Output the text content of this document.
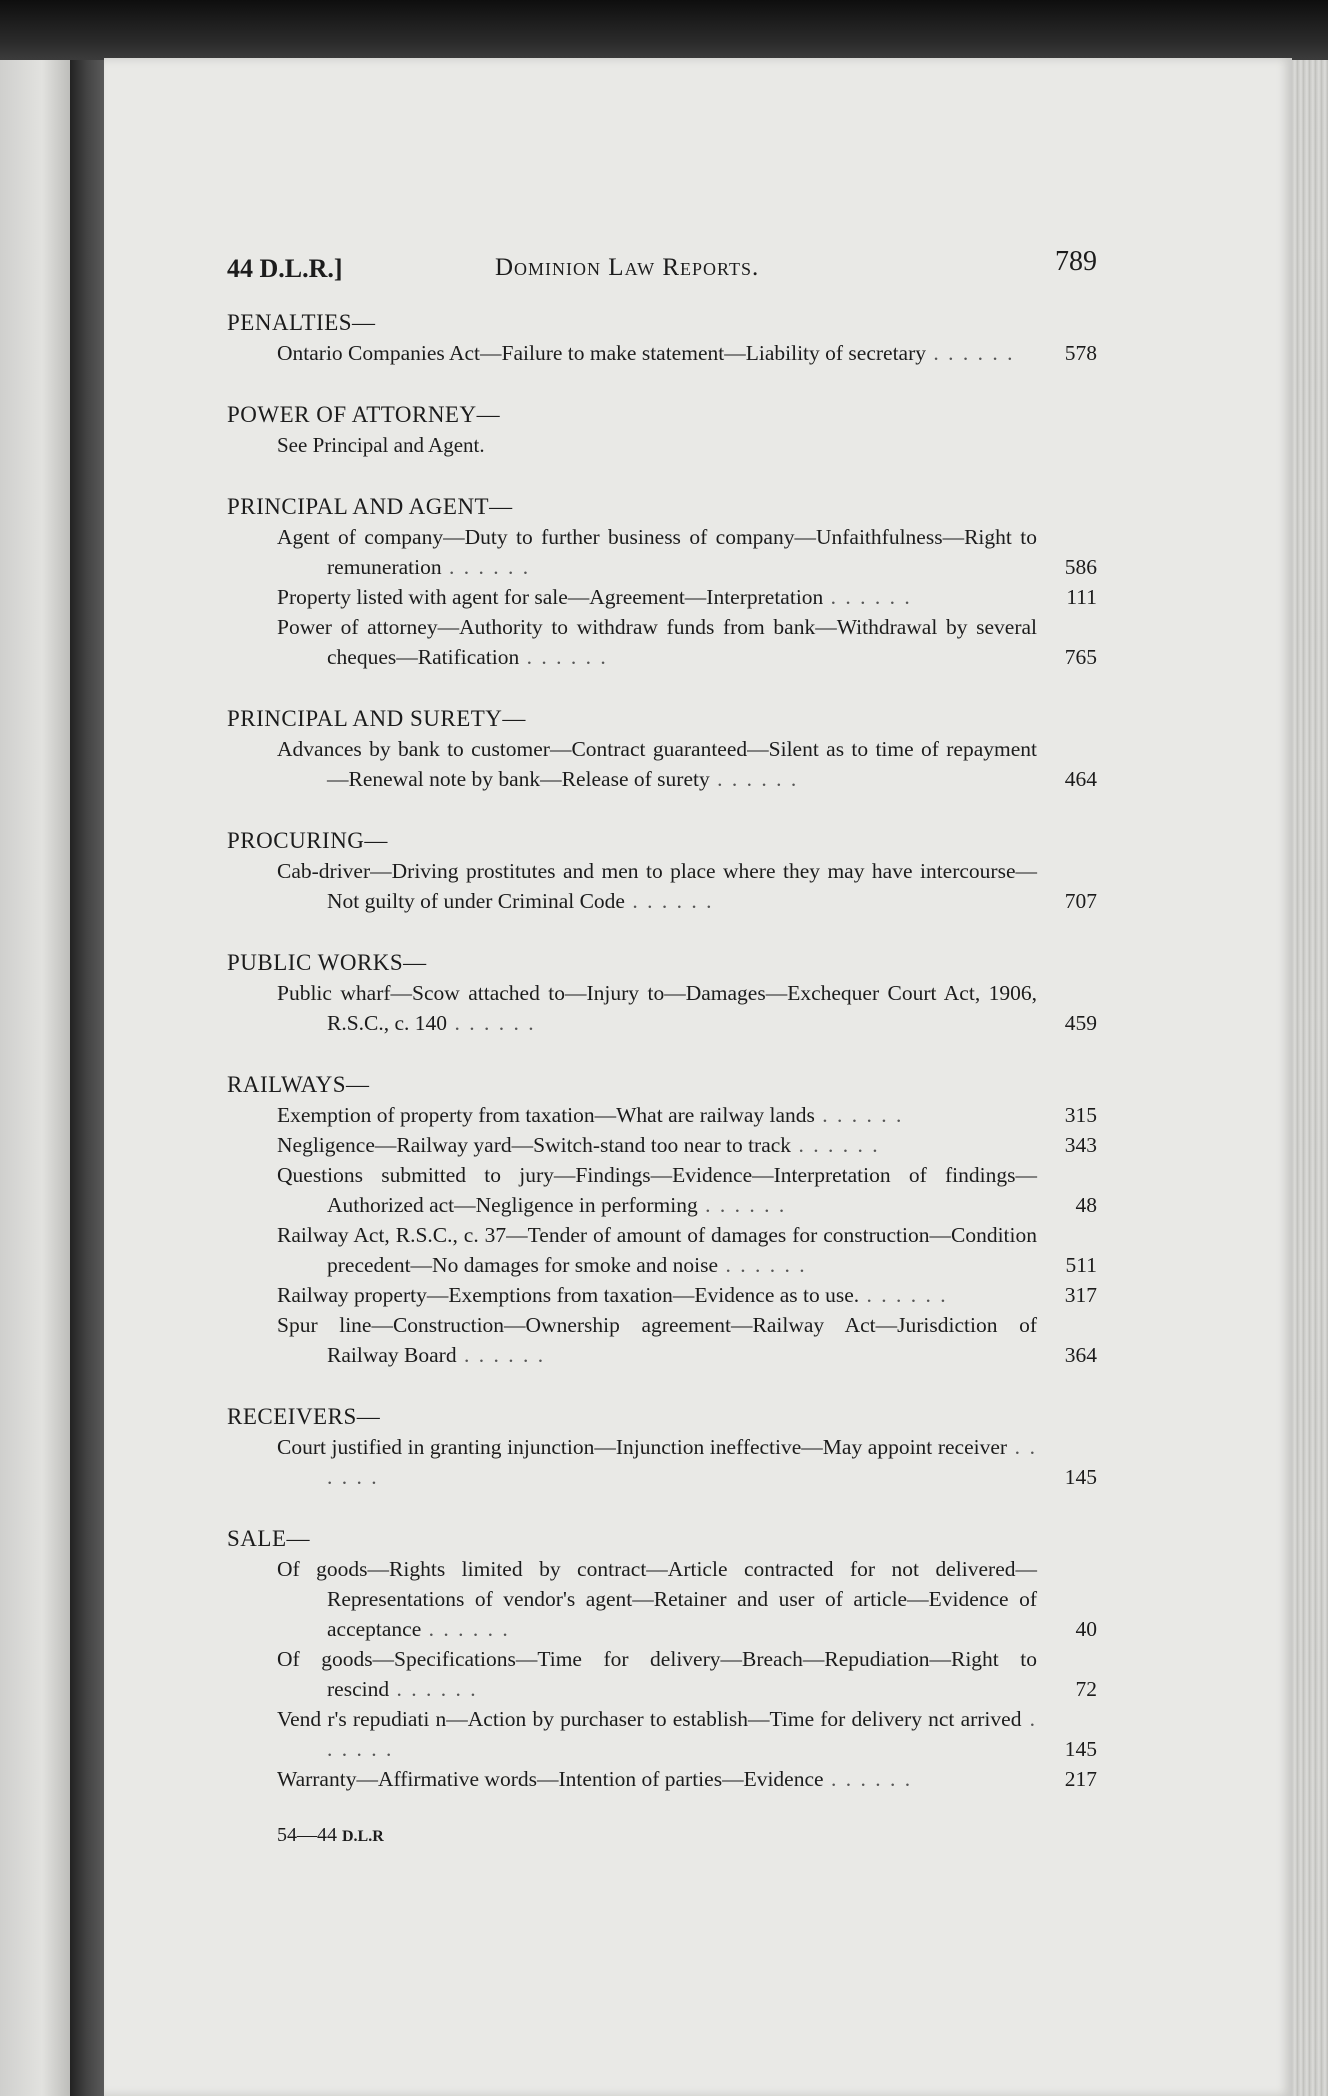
44 D.L.R.]	Dominion Law Reports.	789
PENALTIES—
Ontario Companies Act—Failure to make statement—Liability of secretary . . . . . . 578
POWER OF ATTORNEY—
See Principal and Agent.
PRINCIPAL AND AGENT—
Agent of company—Duty to further business of company—Unfaithfulness—Right to remuneration . . . . . .	586
Property listed with agent for sale—Agreement—Interpretation . . . . . .	111
Power of attorney—Authority to withdraw funds from bank—Withdrawal by several cheques—Ratification . . . . . .	765
PRINCIPAL AND SURETY—
Advances by bank to customer—Contract guaranteed—Silent as to time of repayment—Renewal note by bank—Release of surety . . . . . .	464
PROCURING—
Cab-driver—Driving prostitutes and men to place where they may have intercourse—Not guilty of under Criminal Code . . . . . .	707
PUBLIC WORKS—
Public wharf—Scow attached to—Injury to—Damages—Exchequer Court Act, 1906, R.S.C., c. 140 . . . . . .	459
RAILWAYS—
Exemption of property from taxation—What are railway lands . . . . . .	315
Negligence—Railway yard—Switch-stand too near to track . . . . . .	343
Questions submitted to jury—Findings—Evidence—Interpretation of findings—Authorized act—Negligence in performing . . . . . .	48
Railway Act, R.S.C., c. 37—Tender of amount of damages for construction—Condition precedent—No damages for smoke and noise . . . . . .	511
Railway property—Exemptions from taxation—Evidence as to use. . . . . . .	317
Spur line—Construction—Ownership agreement—Railway Act—Jurisdiction of Railway Board . . . . . .	364
RECEIVERS—
Court justified in granting injunction—Injunction ineffective—May appoint receiver . . . . . .	145
SALE—
Of goods—Rights limited by contract—Article contracted for not delivered—Representations of vendor's agent—Retainer and user of article—Evidence of acceptance . . . . . .	40
Of goods—Specifications—Time for delivery—Breach—Repudiation—Right to rescind . . . . . .	72
Vend r's repudiati n—Action by purchaser to establish—Time for delivery nct arrived . . . . . .	145
Warranty—Affirmative words—Intention of parties—Evidence . . . . . .	217
54—44 D.L.R
